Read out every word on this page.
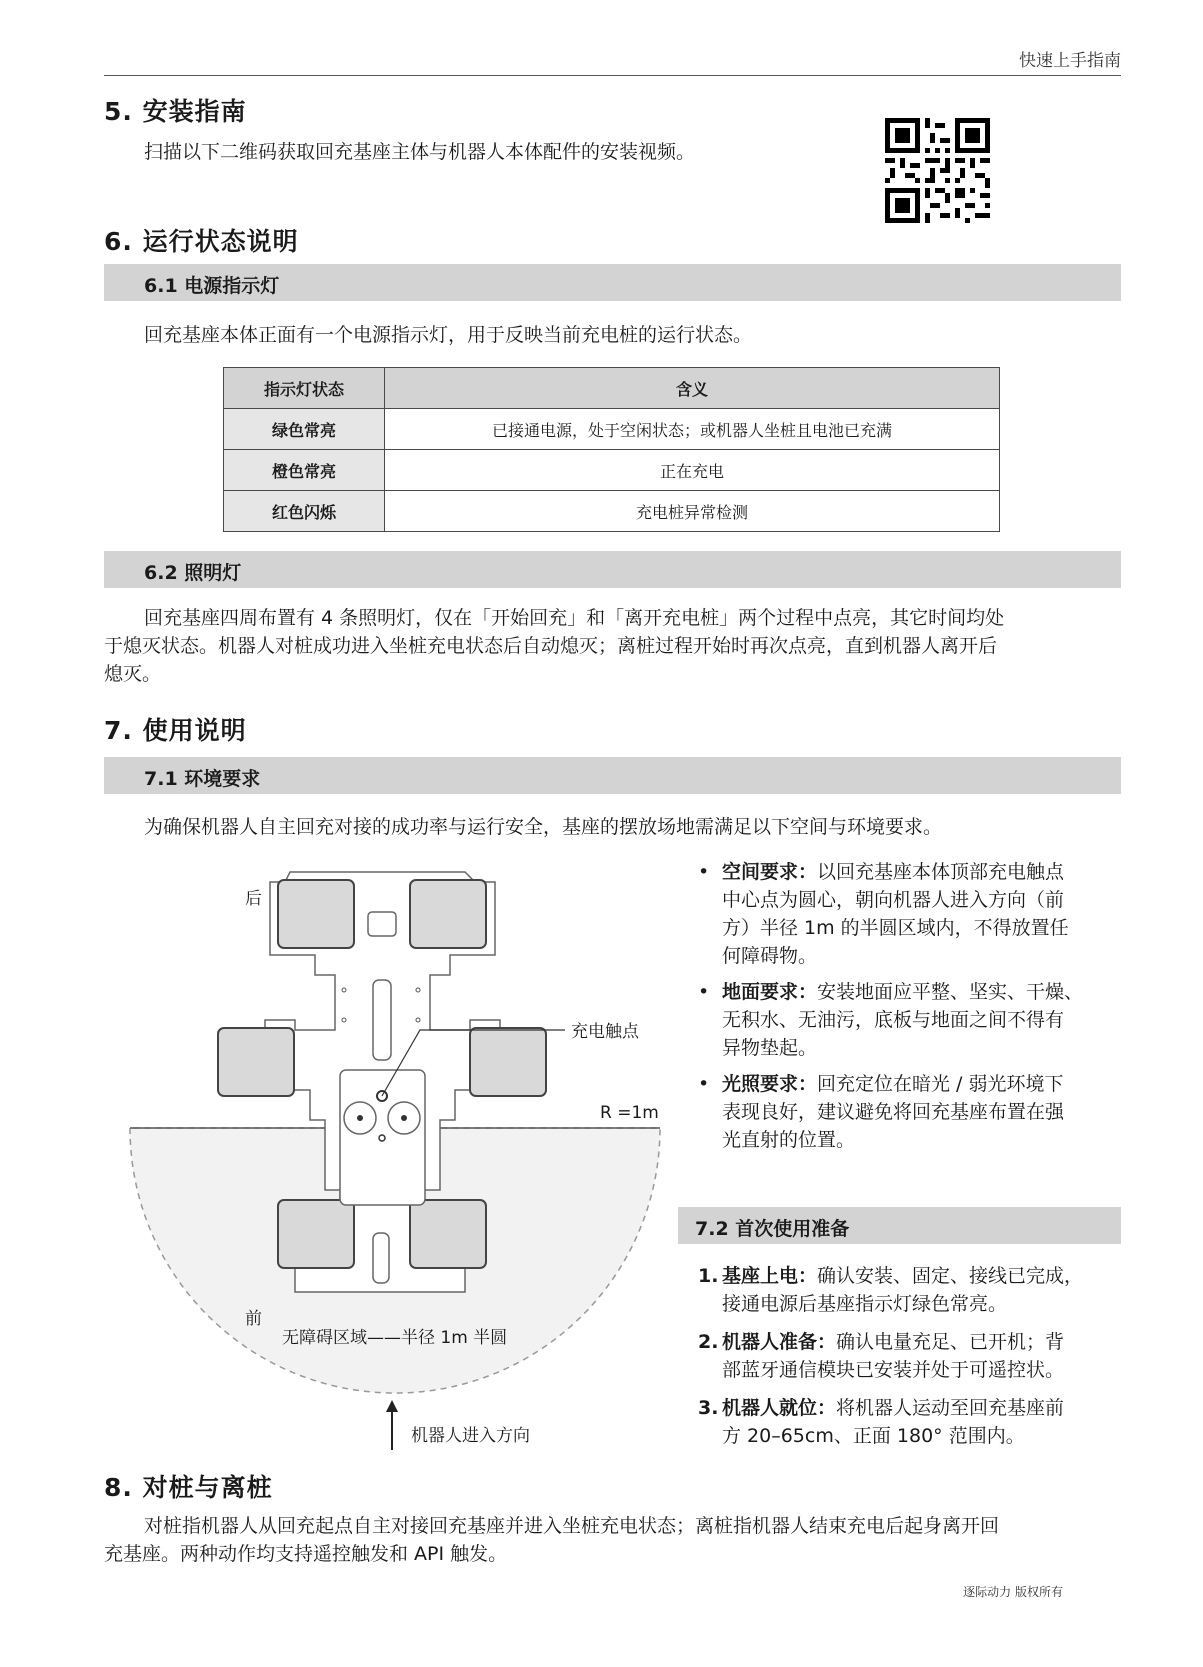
快速上手指南
5. 安装指南
扫描以下二维码获取回充基座主体与机器人本体配件的安装视频。
6. 运行状态说明
6.1 电源指示灯
回充基座本体正面有一个电源指示灯，用于反映当前充电桩的运行状态。
指示灯状态	含义
绿色常亮	已接通电源，处于空闲状态；或机器人坐桩且电池已充满
橙色常亮	正在充电
红色闪烁	充电桩异常检测
6.2 照明灯
回充基座四周布置有 4 条照明灯，仅在「开始回充」和「离开充电桩」两个过程中点亮，其它时间均处
于熄灭状态。机器人对桩成功进入坐桩充电状态后自动熄灭；离桩过程开始时再次点亮，直到机器人离开后
熄灭。
7. 使用说明
7.1 环境要求
为确保机器人自主回充对接的成功率与运行安全，基座的摆放场地需满足以下空间与环境要求。
后
前
充电触点
R =1m
无障碍区域——半径 1m 半圆
机器人进入方向
• 空间要求：以回充基座本体顶部充电触点
中心点为圆心，朝向机器人进入方向（前
方）半径 1m 的半圆区域内，不得放置任
何障碍物。
• 地面要求：安装地面应平整、坚实、干燥、
无积水、无油污，底板与地面之间不得有
异物垫起。
• 光照要求：回充定位在暗光 / 弱光环境下
表现良好，建议避免将回充基座布置在强
光直射的位置。
7.2 首次使用准备
1. 基座上电：确认安装、固定、接线已完成，
接通电源后基座指示灯绿色常亮。
2. 机器人准备：确认电量充足、已开机；背
部蓝牙通信模块已安装并处于可遥控状。
3. 机器人就位：将机器人运动至回充基座前
方 20–65cm、正面 180° 范围内。
8. 对桩与离桩
对桩指机器人从回充起点自主对接回充基座并进入坐桩充电状态；离桩指机器人结束充电后起身离开回
充基座。两种动作均支持遥控触发和 API 触发。
逐际动力 版权所有
